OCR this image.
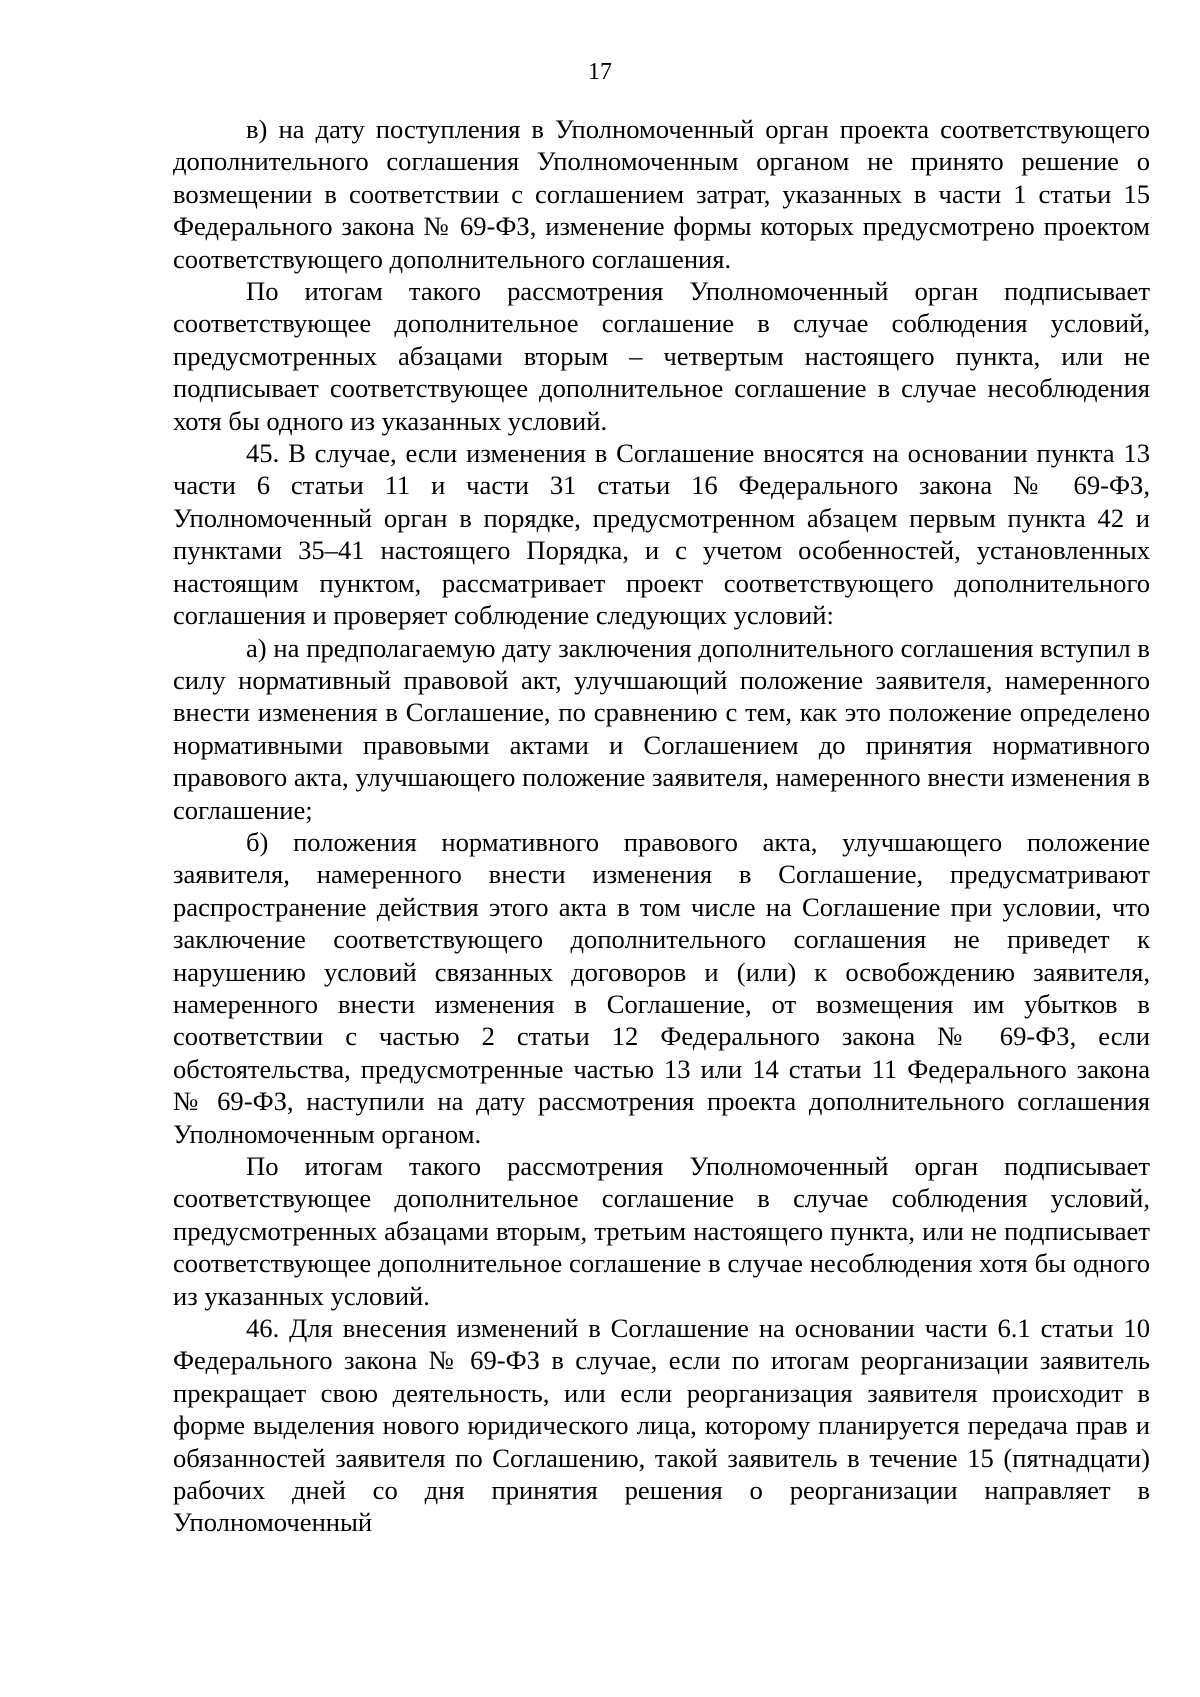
17

в) на дату поступления в Уполномоченный орган проекта соответствующего дополнительного соглашения Уполномоченным органом не принято решение о возмещении в соответствии с соглашением затрат, указанных в части 1 статьи 15 Федерального закона № 69-ФЗ, изменение формы которых предусмотрено проектом соответствующего дополнительного соглашения.

По итогам такого рассмотрения Уполномоченный орган подписывает соответствующее дополнительное соглашение в случае соблюдения условий, предусмотренных абзацами вторым – четвертым настоящего пункта, или не подписывает соответствующее дополнительное соглашение в случае несоблюдения хотя бы одного из указанных условий.

45. В случае, если изменения в Соглашение вносятся на основании пункта 13 части 6 статьи 11 и части 31 статьи 16 Федерального закона № 69-ФЗ, Уполномоченный орган в порядке, предусмотренном абзацем первым пункта 42 и пунктами 35–41 настоящего Порядка, и с учетом особенностей, установленных настоящим пунктом, рассматривает проект соответствующего дополнительного соглашения и проверяет соблюдение следующих условий:

а) на предполагаемую дату заключения дополнительного соглашения вступил в силу нормативный правовой акт, улучшающий положение заявителя, намеренного внести изменения в Соглашение, по сравнению с тем, как это положение определено нормативными правовыми актами и Соглашением до принятия нормативного правового акта, улучшающего положение заявителя, намеренного внести изменения в соглашение;

б) положения нормативного правового акта, улучшающего положение заявителя, намеренного внести изменения в Соглашение, предусматривают распространение действия этого акта в том числе на Соглашение при условии, что заключение соответствующего дополнительного соглашения не приведет к нарушению условий связанных договоров и (или) к освобождению заявителя, намеренного внести изменения в Соглашение, от возмещения им убытков в соответствии с частью 2 статьи 12 Федерального закона № 69-ФЗ, если обстоятельства, предусмотренные частью 13 или 14 статьи 11 Федерального закона № 69-ФЗ, наступили на дату рассмотрения проекта дополнительного соглашения Уполномоченным органом.

По итогам такого рассмотрения Уполномоченный орган подписывает соответствующее дополнительное соглашение в случае соблюдения условий, предусмотренных абзацами вторым, третьим настоящего пункта, или не подписывает соответствующее дополнительное соглашение в случае несоблюдения хотя бы одного из указанных условий.

46. Для внесения изменений в Соглашение на основании части 6.1 статьи 10 Федерального закона № 69-ФЗ в случае, если по итогам реорганизации заявитель прекращает свою деятельность, или если реорганизация заявителя происходит в форме выделения нового юридического лица, которому планируется передача прав и обязанностей заявителя по Соглашению, такой заявитель в течение 15 (пятнадцати) рабочих дней со дня принятия решения о реорганизации направляет в Уполномоченный
